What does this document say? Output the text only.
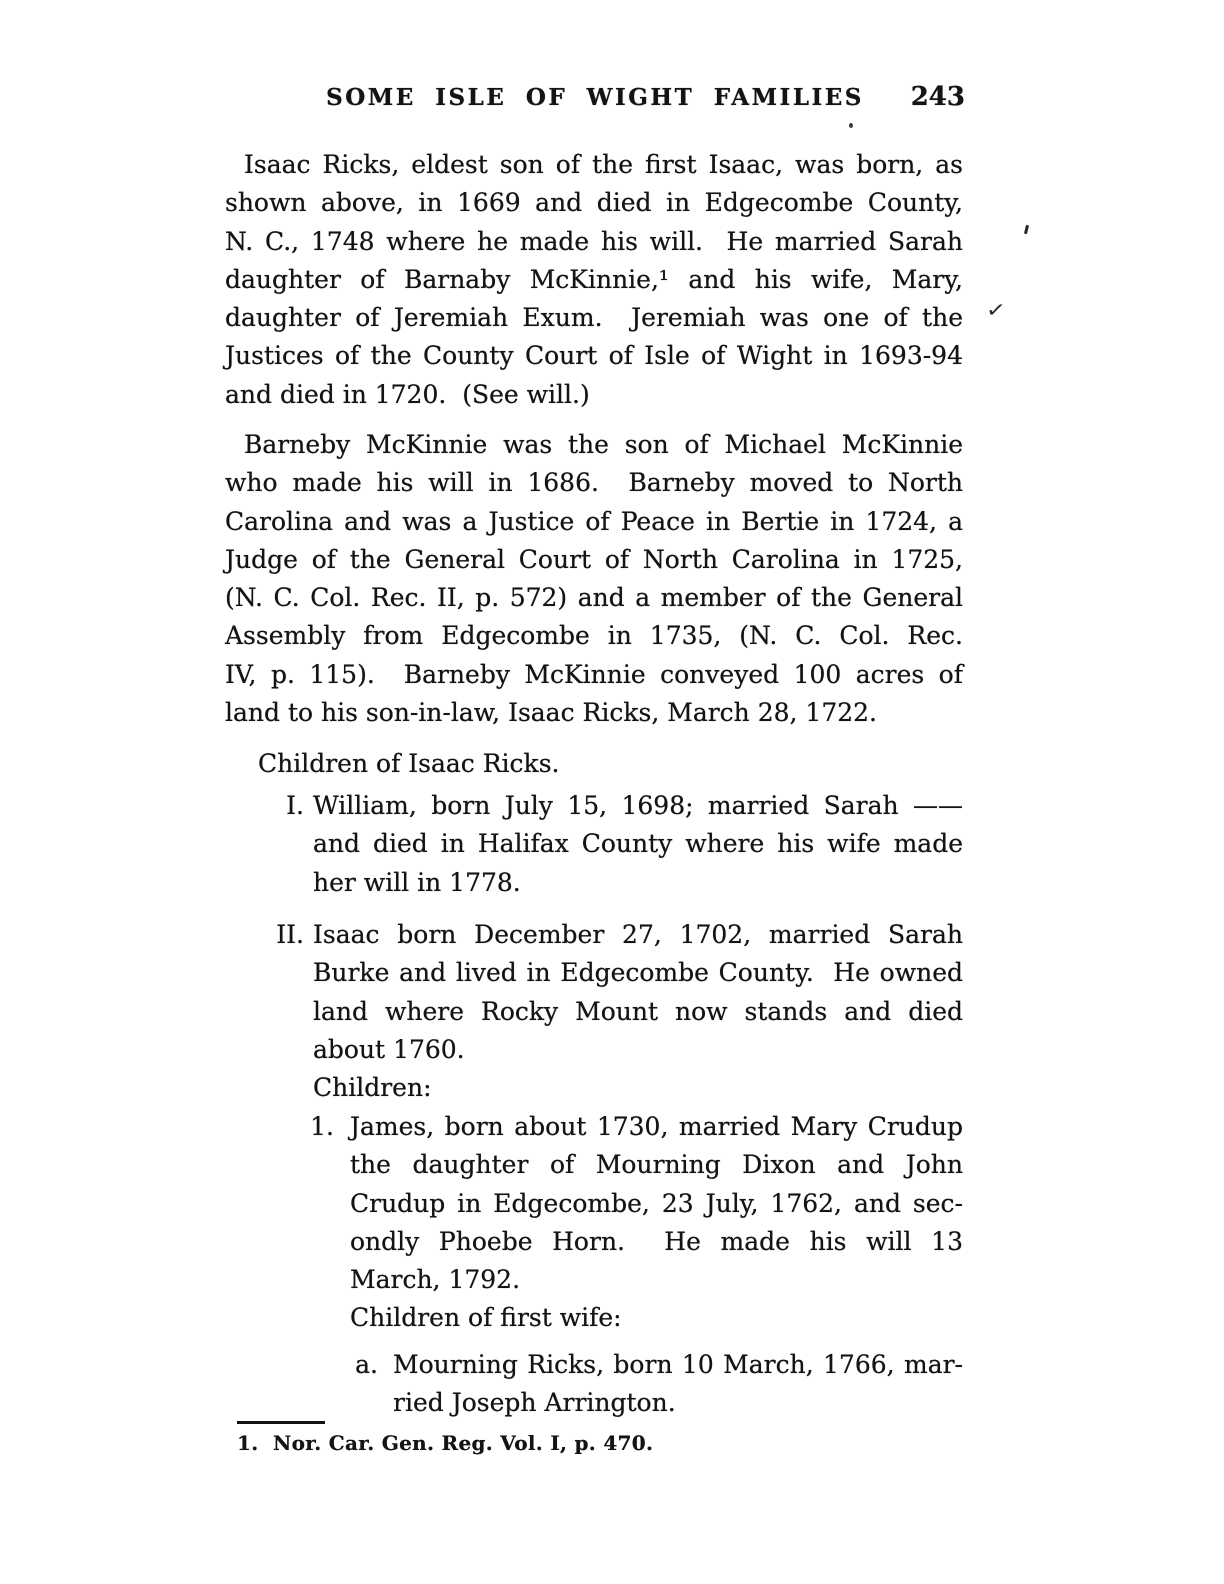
SOME ISLE OF WIGHT FAMILIES	243
✓
Isaac Ricks, eldest son of the first Isaac, was born, as
shown above, in 1669 and died in Edgecombe County,
N. C., 1748 where he made his will.  He married Sarah
daughter of Barnaby McKinnie,¹ and his wife, Mary,
daughter of Jeremiah Exum.  Jeremiah was one of the
Justices of the County Court of Isle of Wight in 1693-94
and died in 1720.  (See will.)
Barneby McKinnie was the son of Michael McKinnie
who made his will in 1686.  Barneby moved to North
Carolina and was a Justice of Peace in Bertie in 1724, a
Judge of the General Court of North Carolina in 1725,
(N. C. Col. Rec. II, p. 572) and a member of the General
Assembly from Edgecombe in 1735, (N. C. Col. Rec.
IV, p. 115).  Barneby McKinnie conveyed 100 acres of
land to his son-in-law, Isaac Ricks, March 28, 1722.
Children of Isaac Ricks.
I. William, born July 15, 1698; married Sarah ——
and died in Halifax County where his wife made
her will in 1778.
II. Isaac born December 27, 1702, married Sarah
Burke and lived in Edgecombe County.  He owned
land where Rocky Mount now stands and died
about 1760.
Children:
1. James, born about 1730, married Mary Crudup
the daughter of Mourning Dixon and John
Crudup in Edgecombe, 23 July, 1762, and sec-
ondly Phoebe Horn.  He made his will 13
March, 1792.
Children of first wife:
a. Mourning Ricks, born 10 March, 1766, mar-
ried Joseph Arrington.
1.  Nor. Car. Gen. Reg. Vol. I, p. 470.
